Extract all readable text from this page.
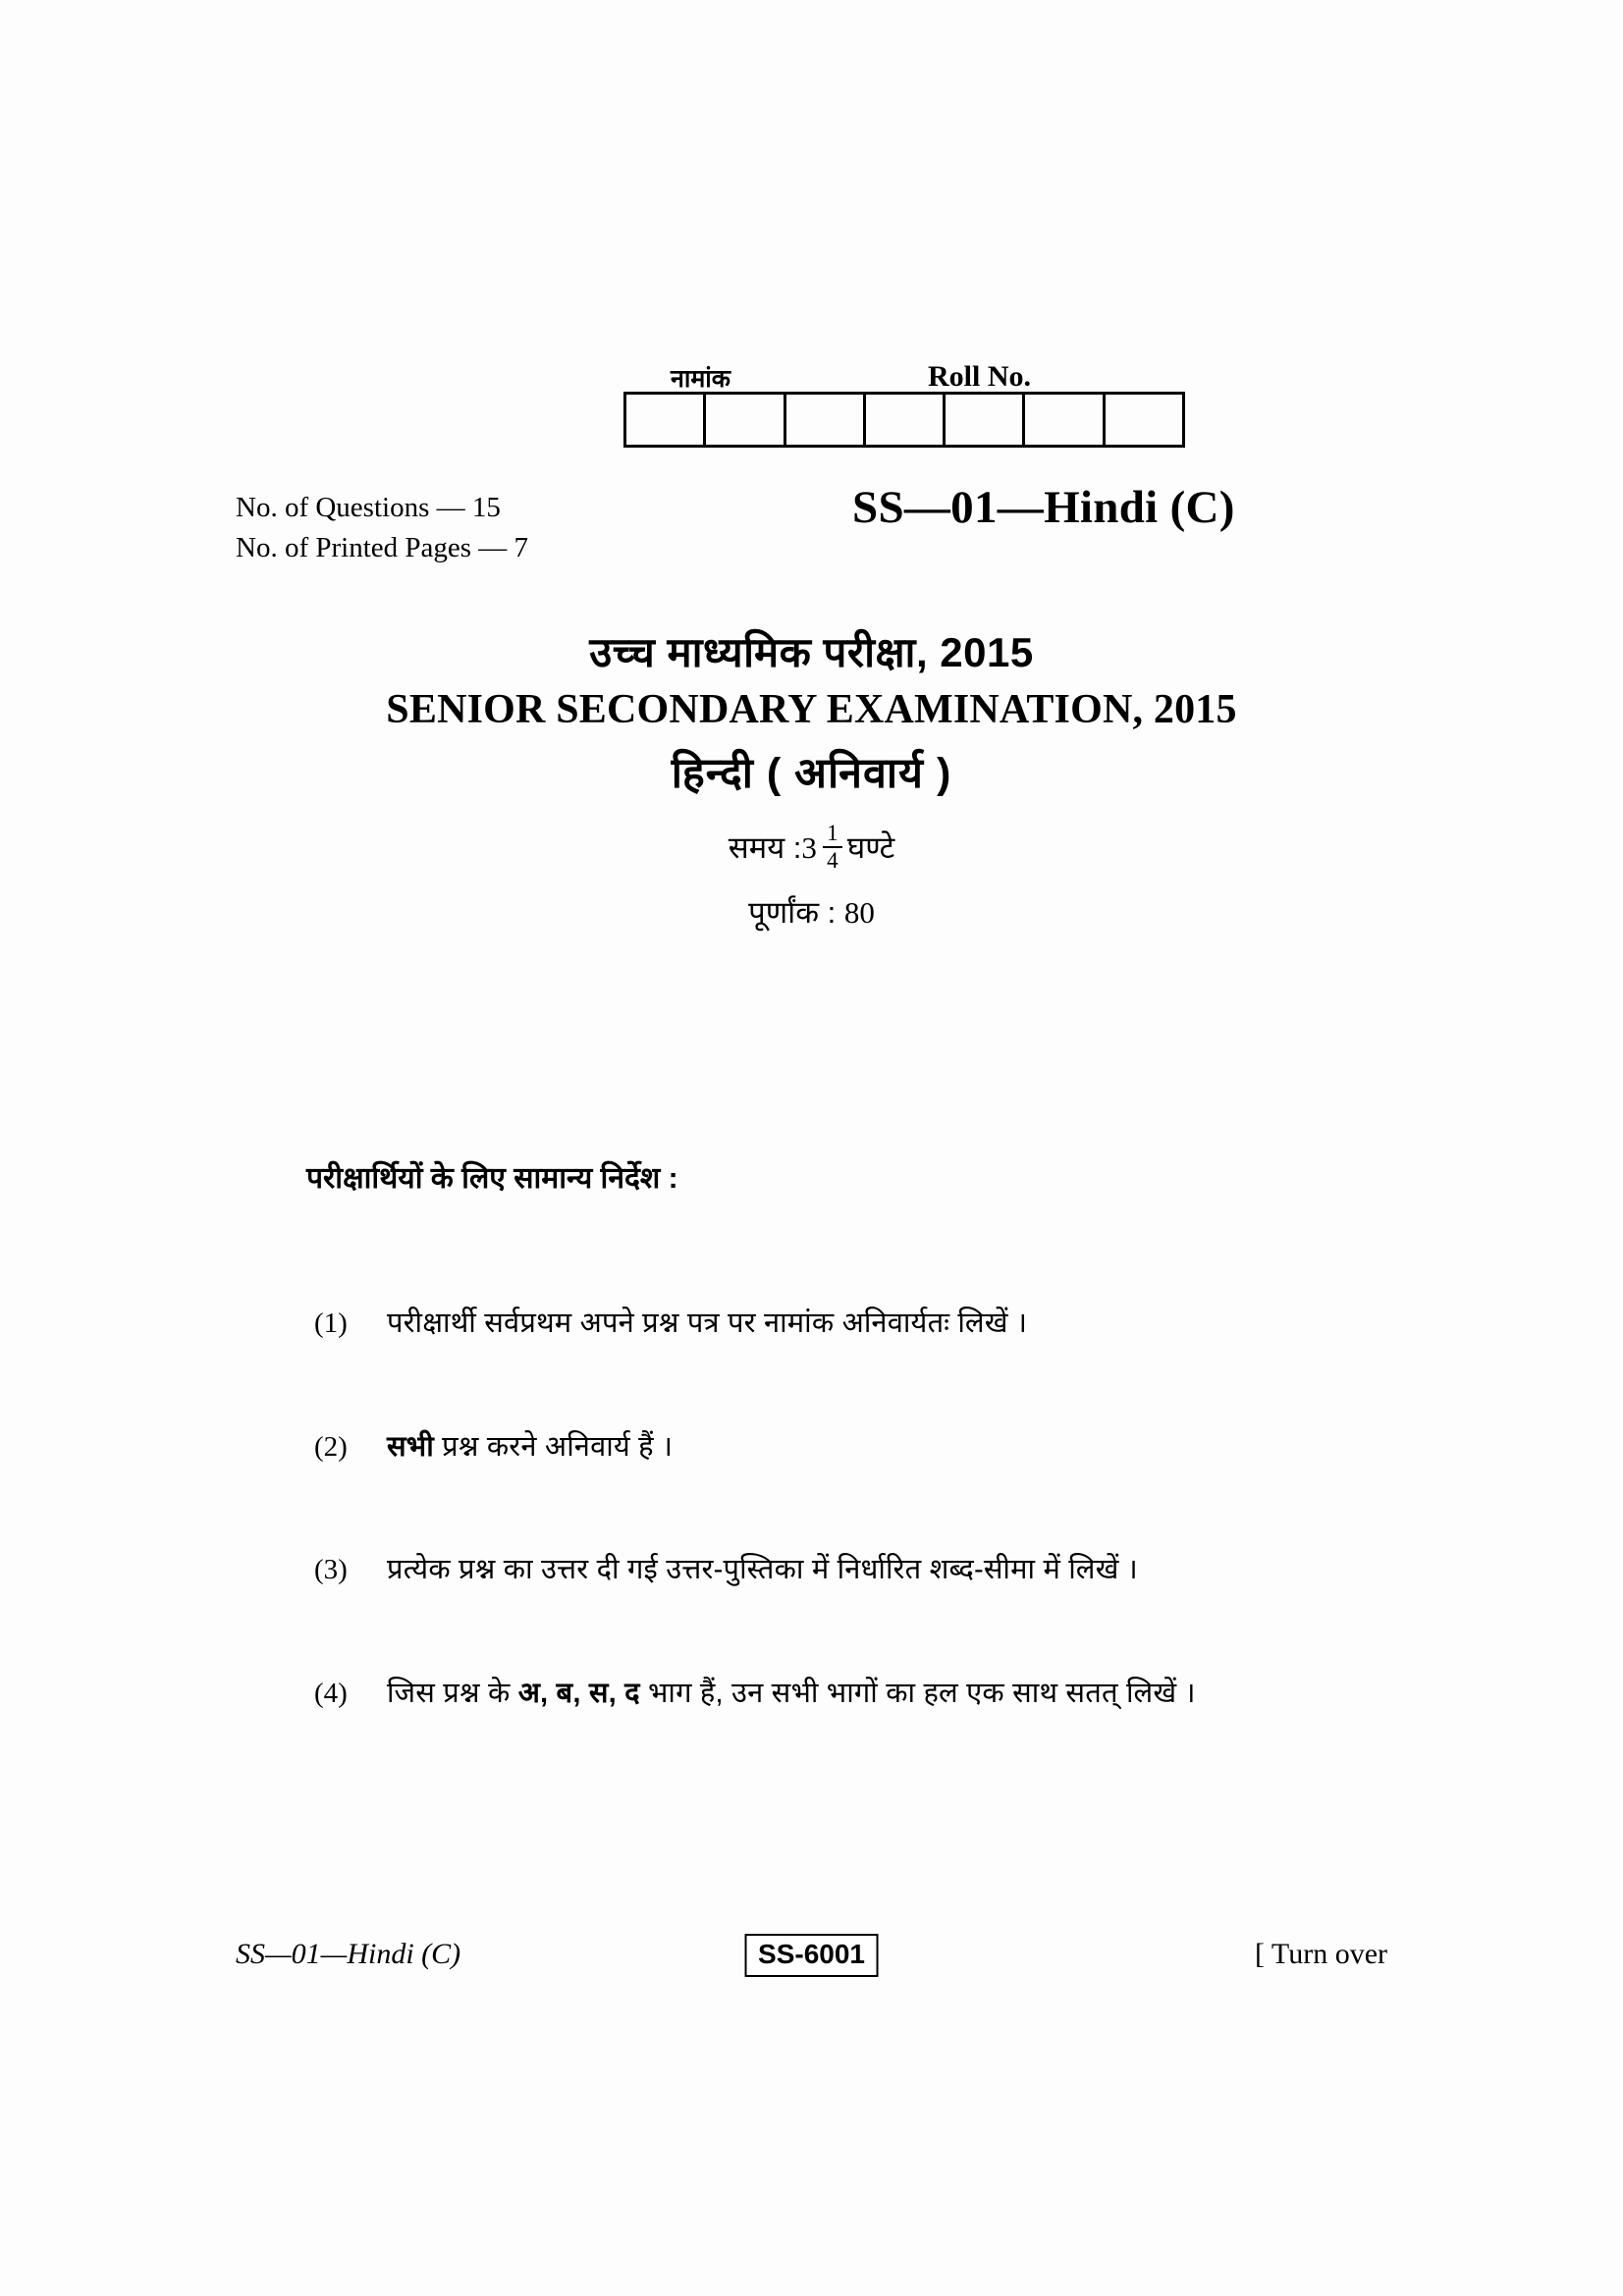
नामांक	Roll No.
No. of Questions — 15
No. of Printed Pages — 7
SS—01—Hindi (C)
उच्च माध्यमिक परीक्षा, 2015
SENIOR SECONDARY EXAMINATION, 2015
हिन्दी ( अनिवार्य )
समय : $3 \frac{1}{4}$ घण्टे
पूर्णांक : 80
परीक्षार्थियों के लिए सामान्य निर्देश :
(1)	परीक्षार्थी सर्वप्रथम अपने प्रश्न पत्र पर नामांक अनिवार्यतः लिखें ।
(2)	सभी प्रश्न करने अनिवार्य हैं ।
(3)	प्रत्येक प्रश्न का उत्तर दी गई उत्तर-पुस्तिका में निर्धारित शब्द-सीमा में लिखें ।
(4)	जिस प्रश्न के अ, ब, स, द भाग हैं, उन सभी भागों का हल एक साथ सतत् लिखें ।
SS—01—Hindi (C)	SS-6001	[ Turn over
